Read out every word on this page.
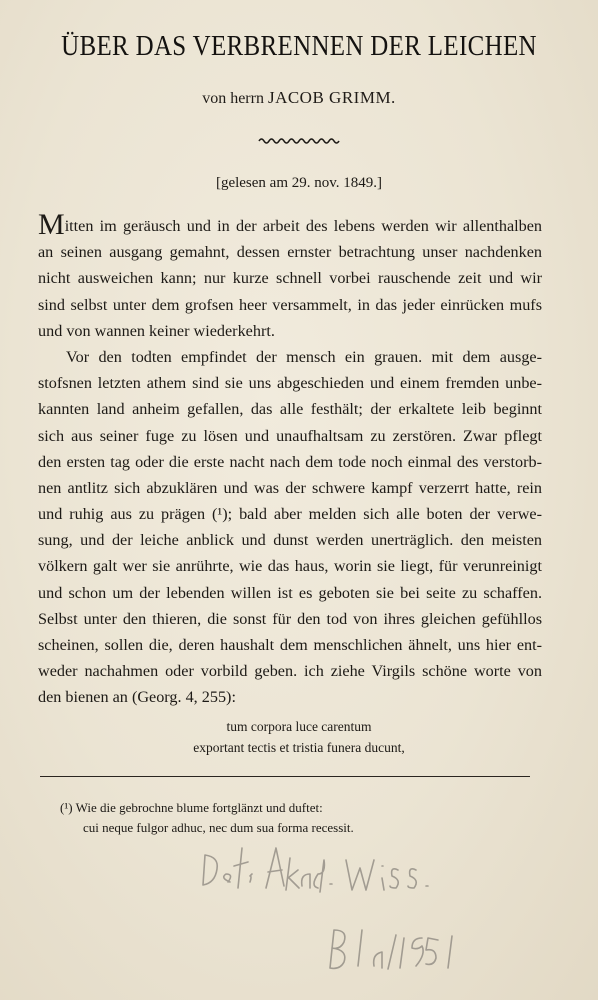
ÜBER DAS VERBRENNEN DER LEICHEN
von herrn JACOB GRIMM.
[gelesen am 29. nov. 1849.]
Mitten im geräusch und in der arbeit des lebens werden wir allenthalben
an seinen ausgang gemahnt, dessen ernster betrachtung unser nachdenken
nicht ausweichen kann; nur kurze schnell vorbei rauschende zeit und wir
sind selbst unter dem grofsen heer versammelt, in das jeder einrücken mufs
und von wannen keiner wiederkehrt.
Vor den todten empfindet der mensch ein grauen. mit dem ausge-
stofsnen letzten athem sind sie uns abgeschieden und einem fremden unbe-
kannten land anheim gefallen, das alle festhält; der erkaltete leib beginnt
sich aus seiner fuge zu lösen und unaufhaltsam zu zerstören. Zwar pflegt
den ersten tag oder die erste nacht nach dem tode noch einmal des verstorb-
nen antlitz sich abzuklären und was der schwere kampf verzerrt hatte, rein
und ruhig aus zu prägen (¹); bald aber melden sich alle boten der verwe-
sung, und der leiche anblick und dunst werden unerträglich. den meisten
völkern galt wer sie anrührte, wie das haus, worin sie liegt, für verunreinigt
und schon um der lebenden willen ist es geboten sie bei seite zu schaffen.
Selbst unter den thieren, die sonst für den tod von ihres gleichen gefühllos
scheinen, sollen die, deren haushalt dem menschlichen ähnelt, uns hier ent-
weder nachahmen oder vorbild geben. ich ziehe Virgils schöne worte von
den bienen an (Georg. 4, 255):
tum corpora luce carentum
exportant tectis et tristia funera ducunt,
(¹) Wie die gebrochne blume fortglänzt und duftet:
cui neque fulgor adhuc, nec dum sua forma recessit.
